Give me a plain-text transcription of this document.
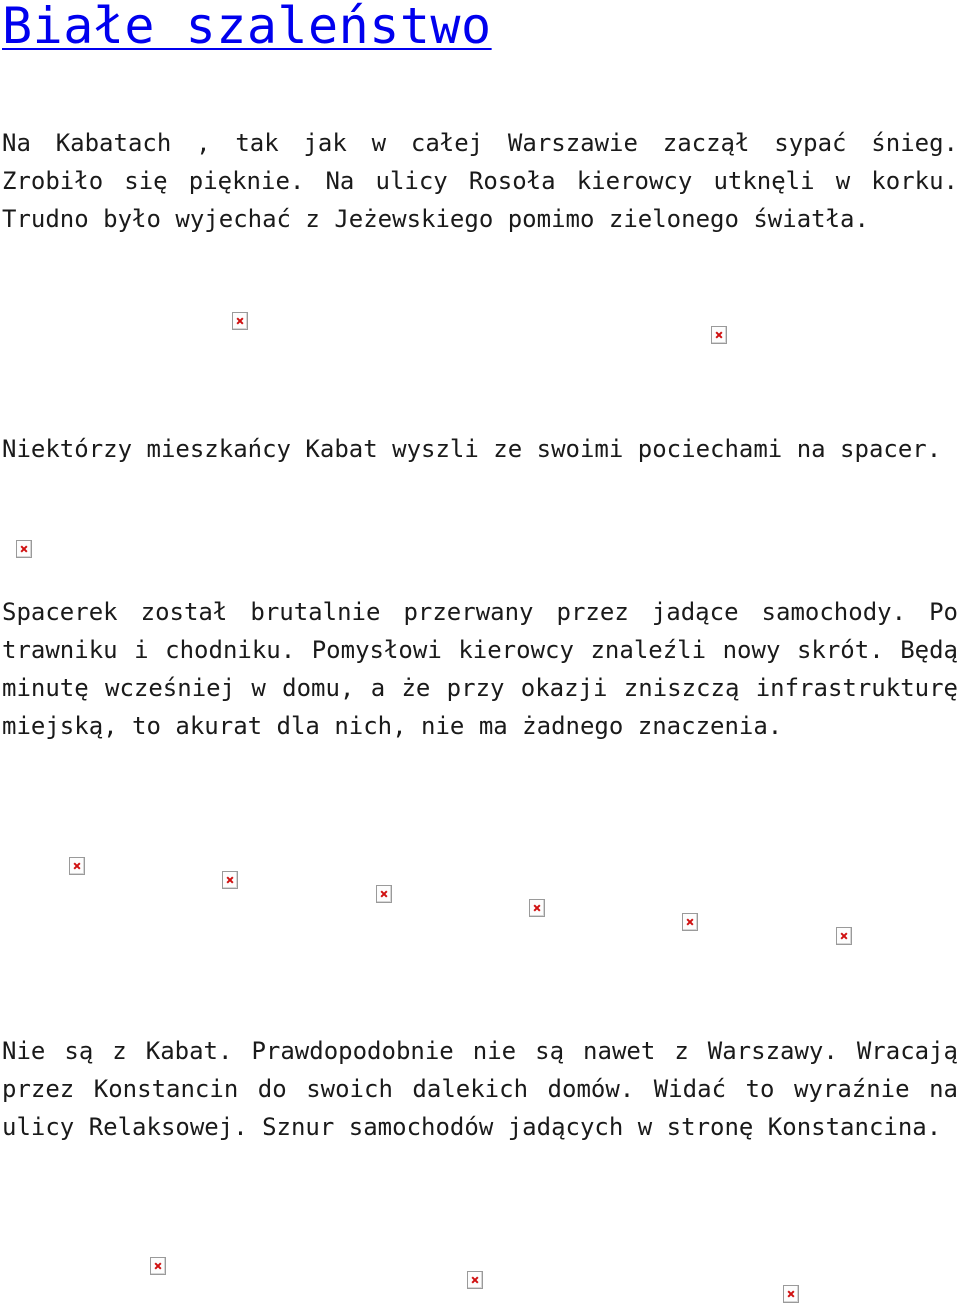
Białe szaleństwo

Na Kabatach , tak jak w całej Warszawie zaczął sypać śnieg. Zrobiło się pięknie. Na ulicy Rosoła kierowcy utknęli w korku. Trudno było wyjechać z Jeżewskiego pomimo zielonego światła.

Niektórzy mieszkańcy Kabat wyszli ze swoimi pociechami na spacer.

Spacerek został brutalnie przerwany przez jadące samochody. Po trawniku i chodniku. Pomysłowi kierowcy znaleźli nowy skrót. Będą minutę wcześniej w domu, a że przy okazji zniszczą infrastrukturę miejską, to akurat dla nich, nie ma żadnego znaczenia.

Nie są z Kabat. Prawdopodobnie nie są nawet z Warszawy. Wracają przez Konstancin do swoich dalekich domów. Widać to wyraźnie na ulicy Relaksowej. Sznur samochodów jadących w stronę Konstancina.
